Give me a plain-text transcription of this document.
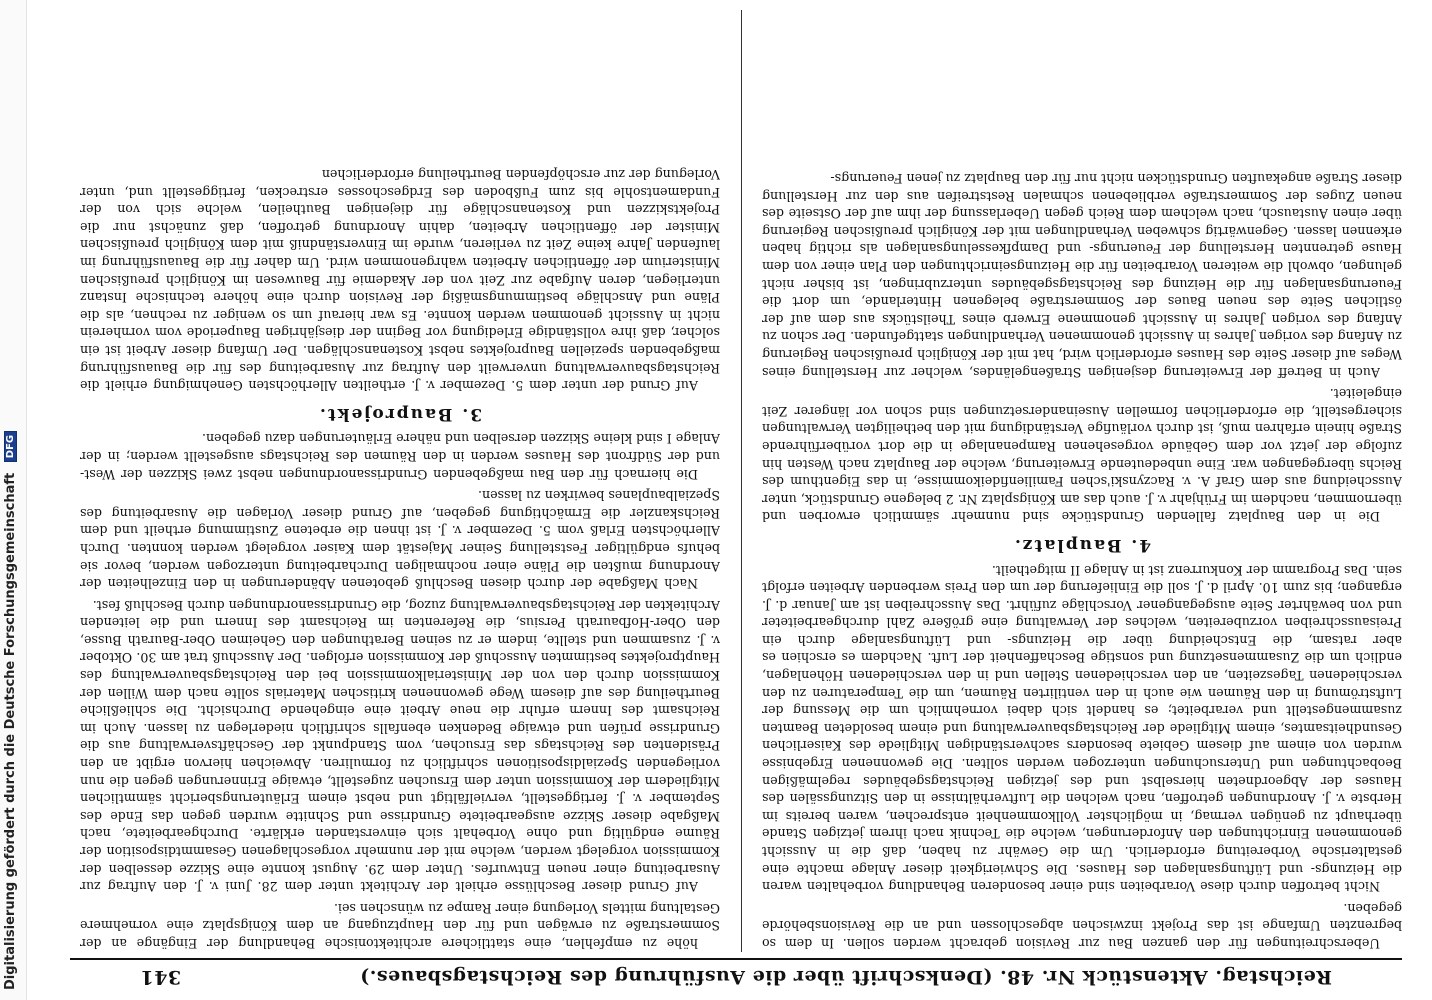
Digitalisierung gefördert durch die Deutsche Forschungsgemeinschaft DFG
Reichstag. Aktenstück Nr. 48. (Denkschrift über die Ausführung des Reichstagsbaues.)
341

Ueberschreitungen für den ganzen Bau zur Revision gebracht werden sollen. In dem so begrenzten Umfange ist das Projekt inzwischen abgeschlossen und an die Revisionsbehörde gegeben.

Nicht betroffen durch diese Vorarbeiten sind einer besonderen Behandlung vorbehalten waren die Heizungs- und Lüftungsanlagen des Hauses. Die Schwierigkeit dieser Anlage machte eine gestalterische Vorbereitung erforderlich. Um die Gewähr zu haben, daß die in Aussicht genommenen Einrichtungen den Anforderungen, welche die Technik nach ihrem jetzigen Stande überhaupt zu genügen vermag, in möglichster Vollkommenheit entsprechen, waren bereits im Herbste v. J. Anordnungen getroffen, nach welchen die Luftverhältnisse in den Sitzungssälen des Hauses der Abgeordneten hierselbst und des jetzigen Reichstagsgebäudes regelmäßigen Beobachtungen und Untersuchungen unterzogen werden sollten. Die gewonnenen Ergebnisse wurden von einem auf diesem Gebiete besonders sachverständigen Mitgliede des Kaiserlichen Gesundheitsamtes, einem Mitgliede der Reichstagsbauverwaltung und einem besoldeten Beamten zusammengestellt und verarbeitet; es handelt sich dabei vornehmlich um die Messung der Luftströmung in den Räumen wie auch in den ventilirten Räumen, um die Temperaturen zu den verschiedenen Tageszeiten, an den verschiedenen Stellen und in den verschiedenen Höhenlagen, endlich um die Zusammensetzung und sonstige Beschaffenheit der Luft. Nachdem es erschien es aber ratsam, die Entscheidung über die Heizungs- und Lüftungsanlage durch ein Preisausschreiben vorzubereiten, welches der Verwaltung eine größere Zahl durchgearbeiteter und von bewährter Seite ausgegangener Vorschläge zuführt. Das Ausschreiben ist am Januar d. J. ergangen; bis zum 10. April d. J. soll die Einlieferung der um den Preis werbenden Arbeiten erfolgt sein. Das Programm der Konkurrenz ist in Anlage II mitgetheilt.

4. Bauplatz.

Die in den Bauplatz fallenden Grundstücke sind nunmehr sämmtlich erworben und übernommen, nachdem im Frühjahr v. J. auch das am Königsplatz Nr. 2 belegene Grundstück, unter Ausscheidung aus dem Graf A. v. Raczynski'schen Familienfideikommisse, in das Eigenthum des Reichs übergegangen war. Eine unbedeutende Erweiterung, welche der Bauplatz nach Westen hin zufolge der jetzt vor dem Gebäude vorgesehenen Rampenanlage in die dort vorüberführende Straße hinein erfahren muß, ist durch vorläufige Verständigung mit den betheiligten Verwaltungen sichergestellt, die erforderlichen formellen Auseinandersetzungen sind schon vor längerer Zeit eingeleitet.

Auch in Betreff der Erweiterung desjenigen Straßengeländes, welcher zur Herstellung eines Weges auf dieser Seite des Hauses erforderlich wird, hat mit der Königlich preußischen Regierung zu Anfang des vorigen Jahres in Aussicht genommenen Verhandlungen stattgefunden. Der schon zu Anfang des vorigen Jahres in Aussicht genommene Erwerb eines Theilstücks aus dem auf der östlichen Seite des neuen Baues der Sommerstraße belegenen Hinterlande, um dort die Feuerungsanlagen für die Heizung des Reichstagsgebäudes unterzubringen, ist bisher nicht gelungen, obwohl die weiteren Vorarbeiten für die Heizungseinrichtungen den Plan einer von dem Hause getrennten Herstellung der Feuerungs- und Dampfkesselungsanlagen als richtig haben erkennen lassen. Gegenwärtig schweben Verhandlungen mit der Königlich preußischen Regierung über einen Austausch, nach welchem dem Reich gegen Ueberlassung der ihm auf der Ostseite des neuen Zuges der Sommerstraße verbliebenen schmalen Reststreifen aus den zur Herstellung dieser Straße angekauften Grundstücken nicht nur für den Bauplatz zu jenen Feuerungs-

höhe zu empfehlen, eine stattlichere architektonische Behandlung der Eingänge an der Sommerstraße zu erwägen und für den Hauptzugang an dem Königsplatz eine vornehmere Gestaltung mittels Vorlegung einer Rampe zu wünschen sei.

Auf Grund dieser Beschlüsse erhielt der Architekt unter dem 28. Juni v. J. den Auftrag zur Ausarbeitung einer neuen Entwurfes. Unter dem 29. August konnte eine Skizze desselben der Kommission vorgelegt werden, welche mit der nunmehr vorgeschlagenen Gesammtdisposition der Räume endgültig und ohne Vorbehalt sich einverstanden erklärte. Durchgearbeitete, nach Maßgabe dieser Skizze ausgearbeitete Grundrisse und Schnitte wurden gegen das Ende des September v. J. fertiggestellt, vervielfältigt und nebst einem Erläuterungsbericht sämmtlichen Mitgliedern der Kommission unter dem Ersuchen zugestellt, etwaige Erinnerungen gegen die nun vorliegenden Spezialdispositionen schriftlich zu formuliren. Abweichen hiervon ergibt an den Präsidenten des Reichstags das Ersuchen, vom Standpunkt der Geschäftsverwaltung aus die Grundrisse prüfen und etwaige Bedenken ebenfalls schriftlich niederlegen zu lassen. Auch im Reichsamt des Innern erfuhr die neue Arbeit eine eingehende Durchsicht. Die schließliche Beurtheilung des auf diesem Wege gewonnenen kritischen Materials sollte nach dem Willen der Kommission durch den von der Ministerialkommission bei den Reichstagsbauverwaltung des Hauptprojektes bestimmten Ausschuß der Kommission erfolgen. Der Ausschuß trat am 30. Oktober v. J. zusammen und stellte, indem er zu seinen Berathungen den Geheimen Ober-Baurath Busse, den Ober-Hofbaurath Persius, die Referenten im Reichsamt des Innern und die leitenden Architekten der Reichstagsbauverwaltung zuzog, die Grundrissanordnungen durch Beschluß fest.

Nach Maßgabe der durch diesen Beschluß gebotenen Abänderungen in den Einzelheiten der Anordnung mußten die Pläne einer nochmaligen Durcharbeitung unterzogen werden, bevor sie behufs endgültiger Feststellung Seiner Majestät dem Kaiser vorgelegt werden konnten. Durch Allerhöchsten Erlaß vom 5. Dezember v. J. ist ihnen die erbetene Zustimmung ertheilt und dem Reichskanzler die Ermächtigung gegeben, auf Grund dieser Vorlagen die Ausarbeitung des Spezialbauplanes bewirken zu lassen.

Die hiernach für den Bau maßgebenden Grundrissanordnungen nebst zwei Skizzen der West- und der Südfront des Hauses werden in den Räumen des Reichstags ausgestellt werden; in der Anlage I sind kleine Skizzen derselben und nähere Erläuterungen dazu gegeben.

3. Bauprojekt.

Auf Grund der unter dem 5. Dezember v. J. ertheilten Allerhöchsten Genehmigung erhielt die Reichstagsbauverwaltung unverweilt den Auftrag zur Ausarbeitung des für die Bauausführung maßgebenden speziellen Bauprojektes nebst Kostenanschlägen. Der Umfang dieser Arbeit ist ein solcher, daß ihre vollständige Erledigung vor Beginn der diesjährigen Bauperiode vom vornherein nicht in Aussicht genommen werden konnte. Es war hierauf um so weniger zu rechnen, als die Pläne und Anschläge bestimmungsmäßig der Revision durch eine höhere technische Instanz unterliegen, deren Aufgabe zur Zeit von der Akademie für Bauwesen im Königlich preußischen Ministerium der öffentlichen Arbeiten wahrgenommen wird. Um daher für die Bauausführung im laufenden Jahre keine Zeit zu verlieren, wurde im Einverständniß mit dem Königlich preußischen Minister der öffentlichen Arbeiten, dahin Anordnung getroffen, daß zunächst nur die Projektskizzen und Kostenanschläge für diejenigen Bautheilen, welche sich von der Fundamentsohle bis zum Fußboden des Erdgeschosses erstrecken, fertiggestellt und, unter Vorlegung der zur erschöpfenden Beurtheilung erforderlichen
